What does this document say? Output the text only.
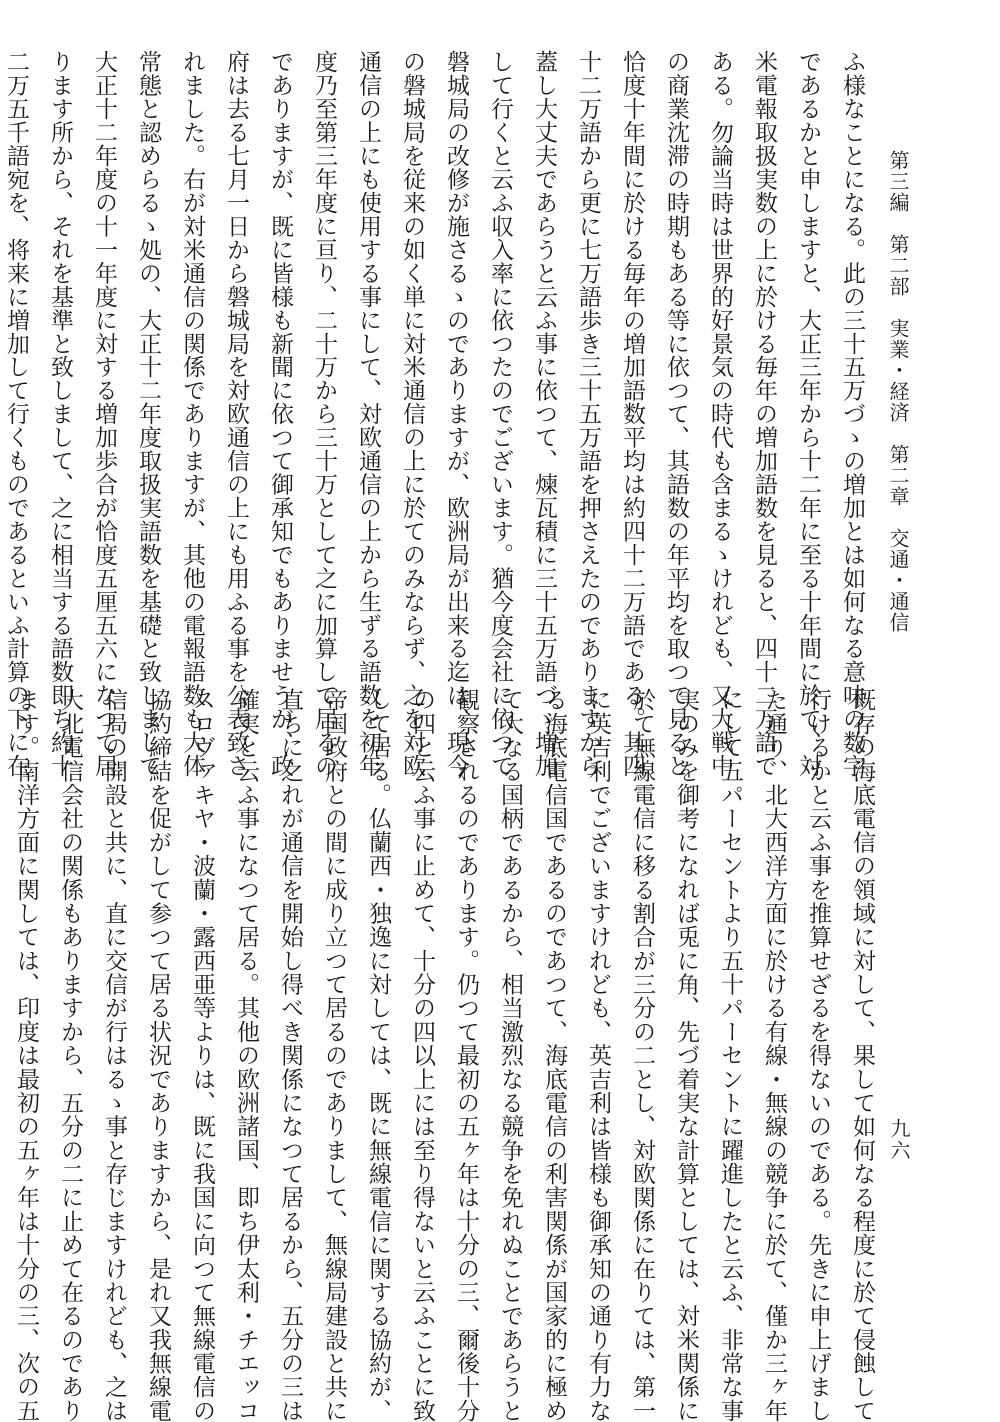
第三編　第二部　実業・経済　第二章　交通・通信
九六
ふ様なことになる。此の三十五万づゝの増加とは如何なる意味の数字
であるかと申しますと、大正三年から十二年に至る十年間に於て、対
米電報取扱実数の上に於ける毎年の増加語数を見ると、四十二万語で
ある。勿論当時は世界的好景気の時代も含まるゝけれども、又大戦中
の商業沈滞の時期もある等に依つて、其語数の年平均を取つて見ると
恰度十年間に於ける毎年の増加語数平均は約四十二万語である。其四
十二万語から更に七万語歩き三十五万語を押さえたのでありますから
蓋し大丈夫であらうと云ふ事に依つて、煉瓦積に三十五万語づゝ増加
して行くと云ふ収入率に依つたのでございます。猶今度会社に依つて
磐城局の改修が施さるゝのでありますが、欧洲局が出来る迄は、現今
の磐城局を従来の如く単に対米通信の上に於てのみならず、之を対欧
通信の上にも使用する事にして、対欧通信の上から生ずる語数を初年
度乃至第三年度に亘り、二十万から三十万として之に加算して居るの
でありますが、既に皆様も新聞に依つて御承知でもありませうが、政
府は去る七月一日から磐城局を対欧通信の上にも用ふる事を公表致さ
れました。右が対米通信の関係でありますが、其他の電報語数も大体
常態と認めらるゝ処の、大正十二年度取扱実語数を基礎と致しまして
大正十二年度の十一年度に対する増加歩合が恰度五厘五六になつて居
ります所から、それを基準と致しまして、之に相当する語数即ち約十
二万五千語宛を、将来に増加して行くものであるといふ計算の下に在
既存の海底電信の領域に対して、果して如何なる程度に於て侵蝕して
行けるかと云ふ事を推算せざるを得ないのである。先きに申上げまし
た通り、北大西洋方面に於ける有線・無線の競争に於て、僅か三ヶ年
にして五パーセントより五十パーセントに躍進したと云ふ、非常な事
実のみを御考になれば兎に角、先づ着実な計算としては、対米関係に
於て無線電信に移る割合が三分の二とし、対欧関係に在りては、第一
に英吉利でございますけれども、英吉利は皆様も御承知の通り有力な
る海底電信国であるのであつて、海底電信の利害関係が国家的に極め
て大なる国柄であるから、相当激烈なる競争を免れぬことであらうと
観察されるのであります。仍つて最初の五ヶ年は十分の三、爾後十分
の四と云ふ事に止めて、十分の四以上には至り得ないと云ふことに致
して居る。仏蘭西・独逸に対しては、既に無線電信に関する協約が、
帝国政府との間に成り立つて居るのでありまして、無線局建設と共に
直ちに之れが通信を開始し得べき関係になつて居るから、五分の三は
確実と云ふ事になつて居る。其他の欧洲諸国、即ち伊太利・チエッコ
スロヴァキヤ・波蘭・露西亜等よりは、既に我国に向つて無線電信の
協約締結を促がして参つて居る状況でありますから、是れ又我無線電
信局の開設と共に、直に交信が行はるゝ事と存じますけれども、之は
大北電信会社の関係もありますから、五分の二に止めて在るのであり
ます。南洋方面に関しては、印度は最初の五ヶ年は十分の三、次の五
